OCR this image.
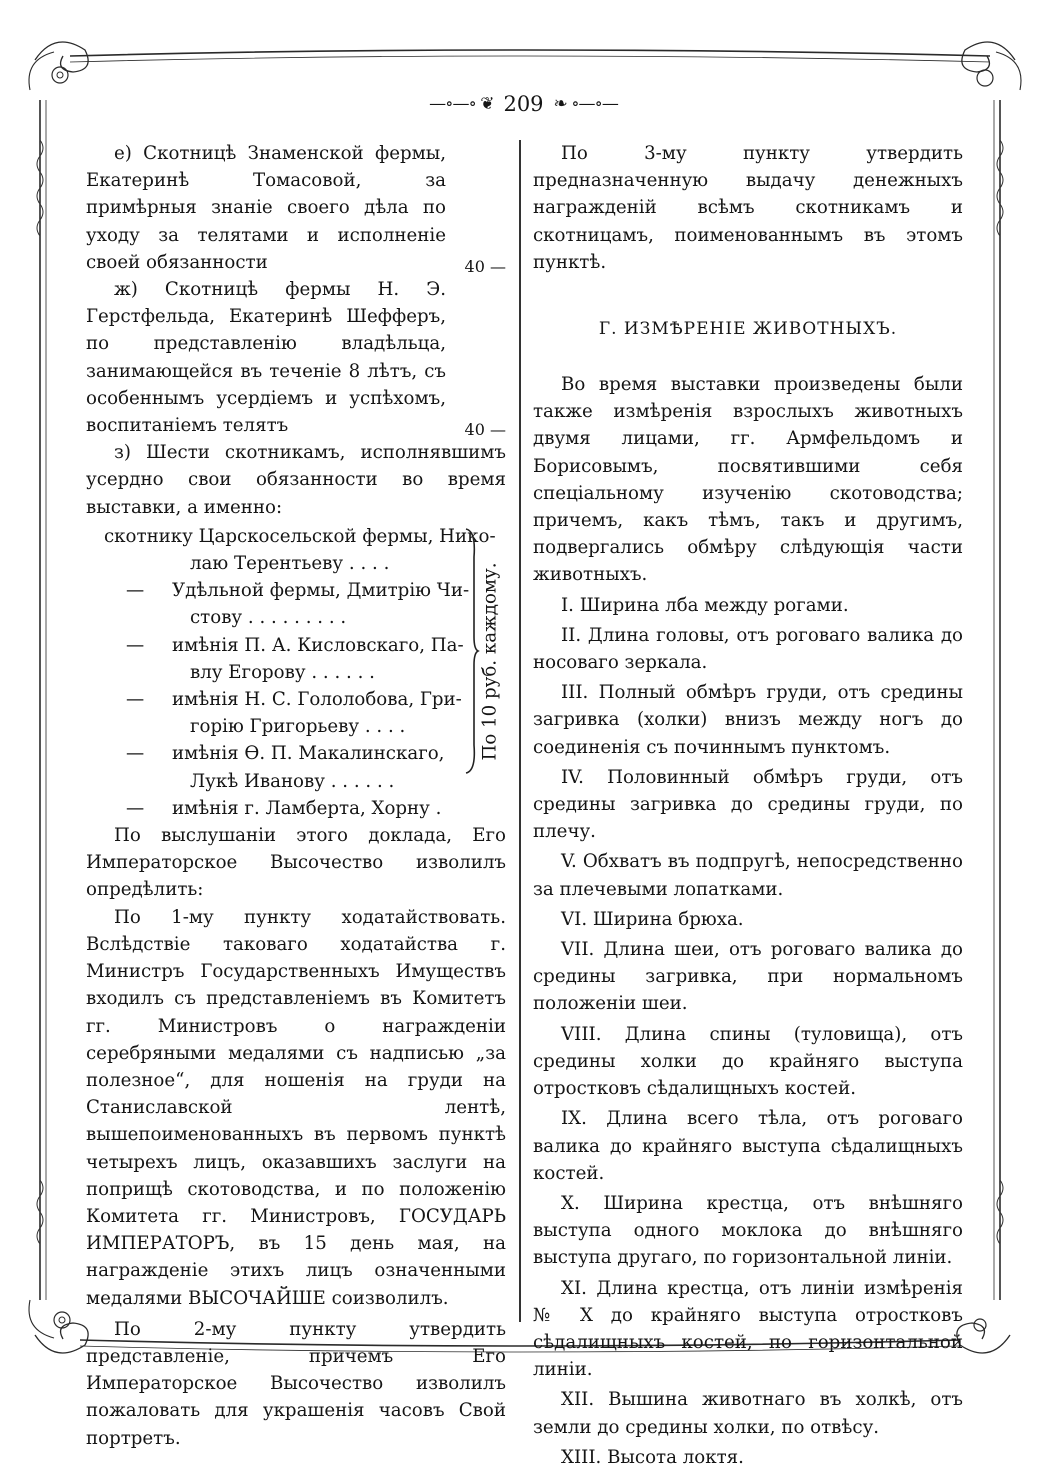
—∘—∘ ❦ 209 ❧ ∘—∘—

е) Скотницѣ Знаменской фермы, Екатеринѣ Томасовой, за примѣрныя знаніе своего дѣла по уходу за телятами и исполненіе своей обязанности	40 —

ж) Скотницѣ фермы Н. Э. Герстфельда, Екатеринѣ Шефферъ, по представленію владѣльца, занимающейся въ теченіе 8 лѣтъ, съ особеннымъ усердіемъ и успѣхомъ, воспитаніемъ телятъ	40 —

з) Шести скотникамъ, исполнявшимъ усердно свои обязанности во время выставки, а именно:

скотнику Царскосельской фермы, Нико-
лаю Терентьеву . . . .
— Удѣльной фермы, Дмитрію Чи-
стову . . . . . . . . .
— имѣнія П. А. Кисловскаго, Па-
влу Егорову . . . . . .
— имѣнія Н. С. Гололобова, Гри-
горію Григорьеву . . . .
— имѣнія Ѳ. П. Макалинскаго,
Лукѣ Иванову . . . . . .
— имѣнія г. Ламберта, Хорну .
По 10 руб. каждому.

По выслушаніи этого доклада, Его Императорское Высочество изволилъ опредѣлить:

По 1-му пункту ходатайствовать. Вслѣдствіе таковаго ходатайства г. Министръ Государственныхъ Имуществъ входилъ съ представленіемъ въ Комитетъ гг. Министровъ о награжденіи серебряными медалями съ надписью „за полезное“, для ношенія на груди на Станиславской лентѣ, вышепоименованныхъ въ первомъ пунктѣ четырехъ лицъ, оказавшихъ заслуги на поприщѣ скотоводства, и по положенію Комитета гг. Министровъ, ГОСУДАРЬ ИМПЕРАТОРЪ, въ 15 день мая, на награжденіе этихъ лицъ означенными медалями ВЫСОЧАЙШЕ соизволилъ.

По 2-му пункту утвердить представленіе, причемъ Его Императорское Высочество изволилъ пожаловать для украшенія часовъ Свой портретъ.

По 3-му пункту утвердить предназначенную выдачу денежныхъ награжденій всѣмъ скотникамъ и скотницамъ, поименованнымъ въ этомъ пунктѣ.

Г. ИЗМѢРЕНІЕ ЖИВОТНЫХЪ.

Во время выставки произведены были также измѣренія взрослыхъ животныхъ двумя лицами, гг. Армфельдомъ и Борисовымъ, посвятившими себя спеціальному изученію скотоводства; причемъ, какъ тѣмъ, такъ и другимъ, подвергались обмѣру слѣдующія части животныхъ.

I. Ширина лба между рогами.

II. Длина головы, отъ роговаго валика до носоваго зеркала.

III. Полный обмѣръ груди, отъ средины загривка (холки) внизъ между ногъ до соединенія съ починнымъ пунктомъ.

IV. Половинный обмѣръ груди, отъ средины загривка до средины груди, по плечу.

V. Обхватъ въ подпругѣ, непосредственно за плечевыми лопатками.

VI. Ширина брюха.

VII. Длина шеи, отъ роговаго валика до средины загривка, при нормальномъ положеніи шеи.

VIII. Длина спины (туловища), отъ средины холки до крайняго выступа отростковъ сѣдалищныхъ костей.

IX. Длина всего тѣла, отъ роговаго валика до крайняго выступа сѣдалищныхъ костей.

X. Ширина крестца, отъ внѣшняго выступа одного моклока до внѣшняго выступа другаго, по горизонтальной линіи.

XI. Длина крестца, отъ линіи измѣренія № X до крайняго выступа отростковъ сѣдалищныхъ костей, по горизонтальной линіи.

XII. Вышина животнаго въ холкѣ, отъ земли до средины холки, по отвѣсу.

XIII. Высота локтя.
